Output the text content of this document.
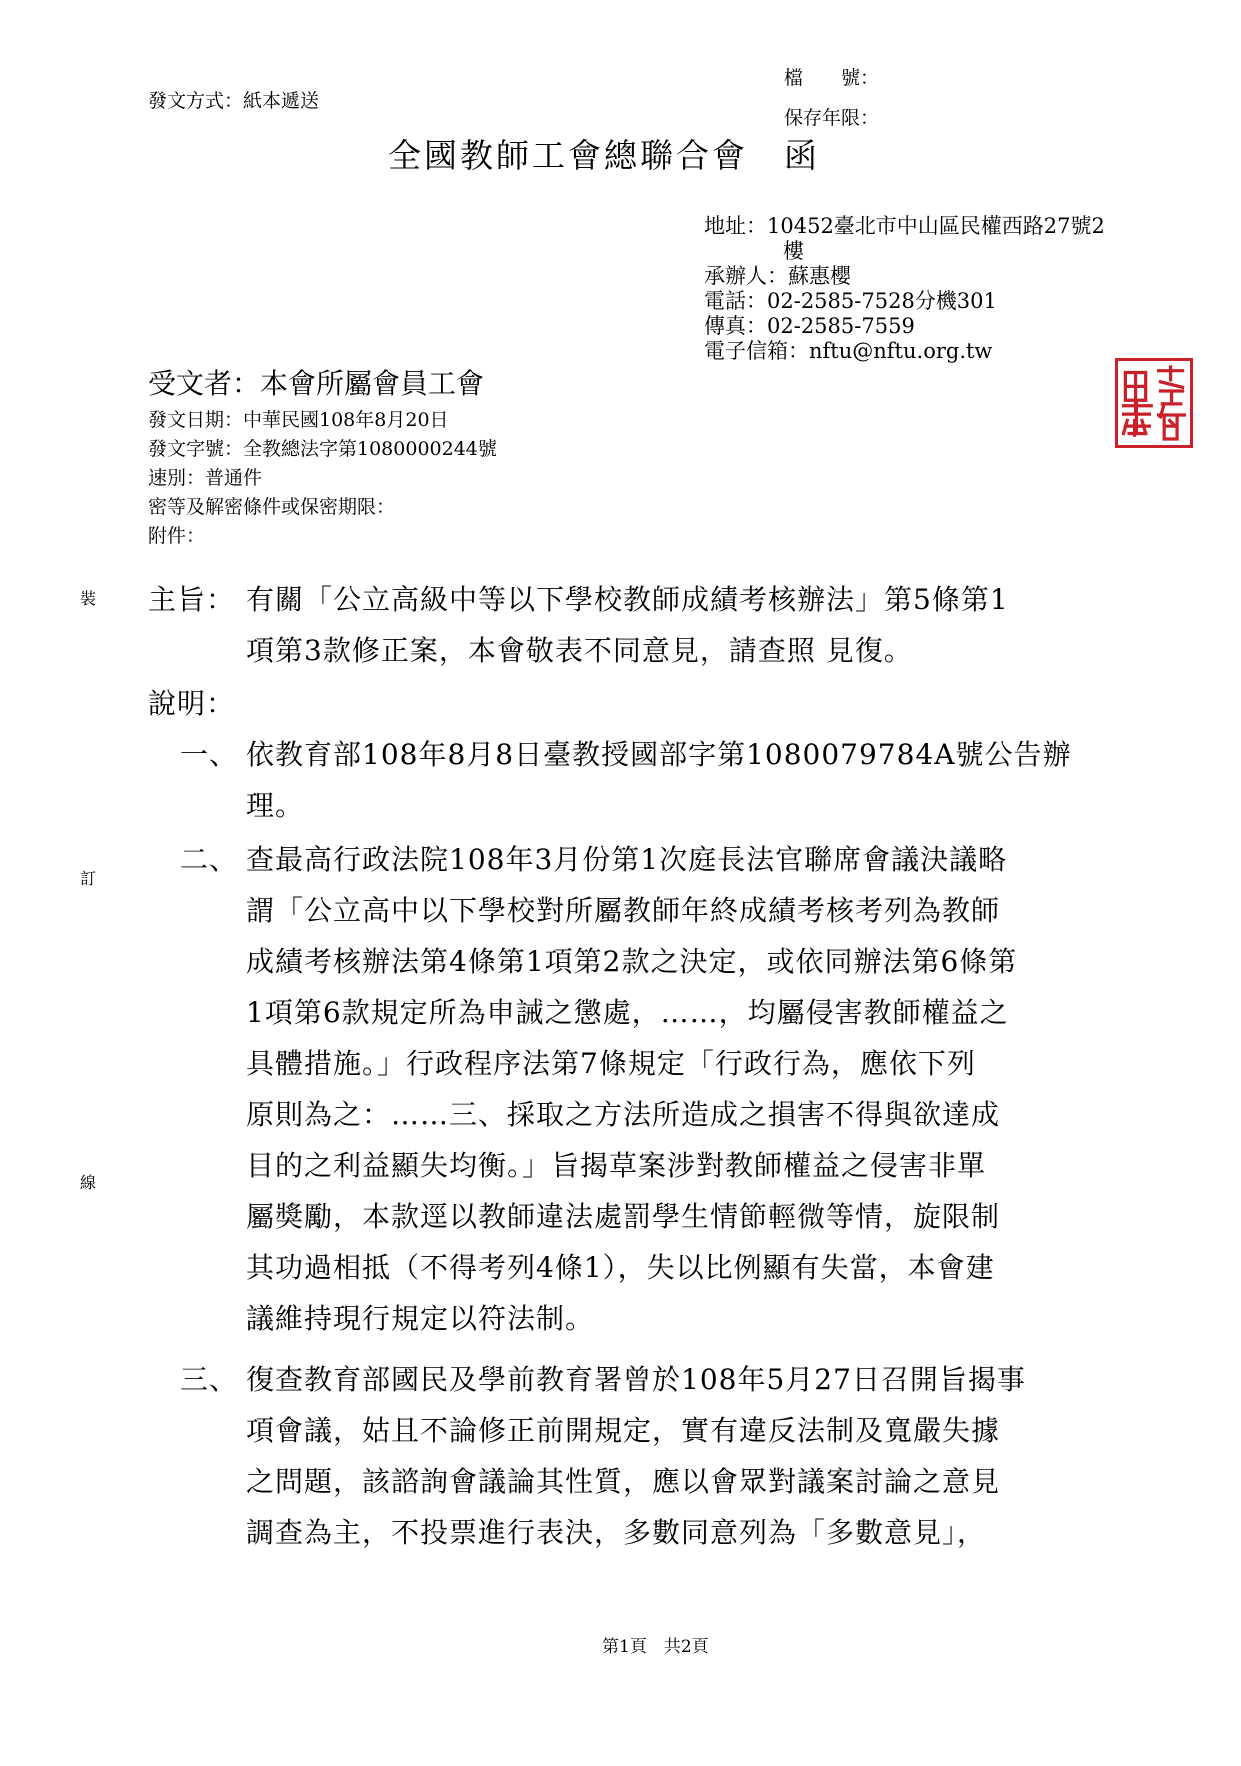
發文方式：紙本遞送
檔　　號：
保存年限：
全國教師工會總聯合會　函
地址：10452臺北市中山區民權西路27號2
樓
承辦人：蘇惠櫻
電話：02-2585-7528分機301
傳真：02-2585-7559
電子信箱：nftu@nftu.org.tw
受文者：本會所屬會員工會
發文日期：中華民國108年8月20日
發文字號：全教總法字第1080000244號
速別：普通件
密等及解密條件或保密期限：
附件：
裝
訂
線
主旨： 有關「公立高級中等以下學校教師成績考核辦法」第5條第1
項第3款修正案，本會敬表不同意見，請查照 見復。
說明：
一、 依教育部108年8月8日臺教授國部字第1080079784A號公告辦
理。
二、 查最高行政法院108年3月份第1次庭長法官聯席會議決議略
謂「公立高中以下學校對所屬教師年終成績考核考列為教師
成績考核辦法第4條第1項第2款之決定，或依同辦法第6條第
1項第6款規定所為申誡之懲處，……，均屬侵害教師權益之
具體措施。」行政程序法第7條規定「行政行為，應依下列
原則為之：……三、採取之方法所造成之損害不得與欲達成
目的之利益顯失均衡。」旨揭草案涉對教師權益之侵害非單
屬獎勵，本款逕以教師違法處罰學生情節輕微等情，旋限制
其功過相抵（不得考列4條1），失以比例顯有失當，本會建
議維持現行規定以符法制。
三、 復查教育部國民及學前教育署曾於108年5月27日召開旨揭事
項會議，姑且不論修正前開規定，實有違反法制及寬嚴失據
之問題，該諮詢會議論其性質，應以會眾對議案討論之意見
調查為主，不投票進行表決，多數同意列為「多數意見」，
第1頁　共2頁
